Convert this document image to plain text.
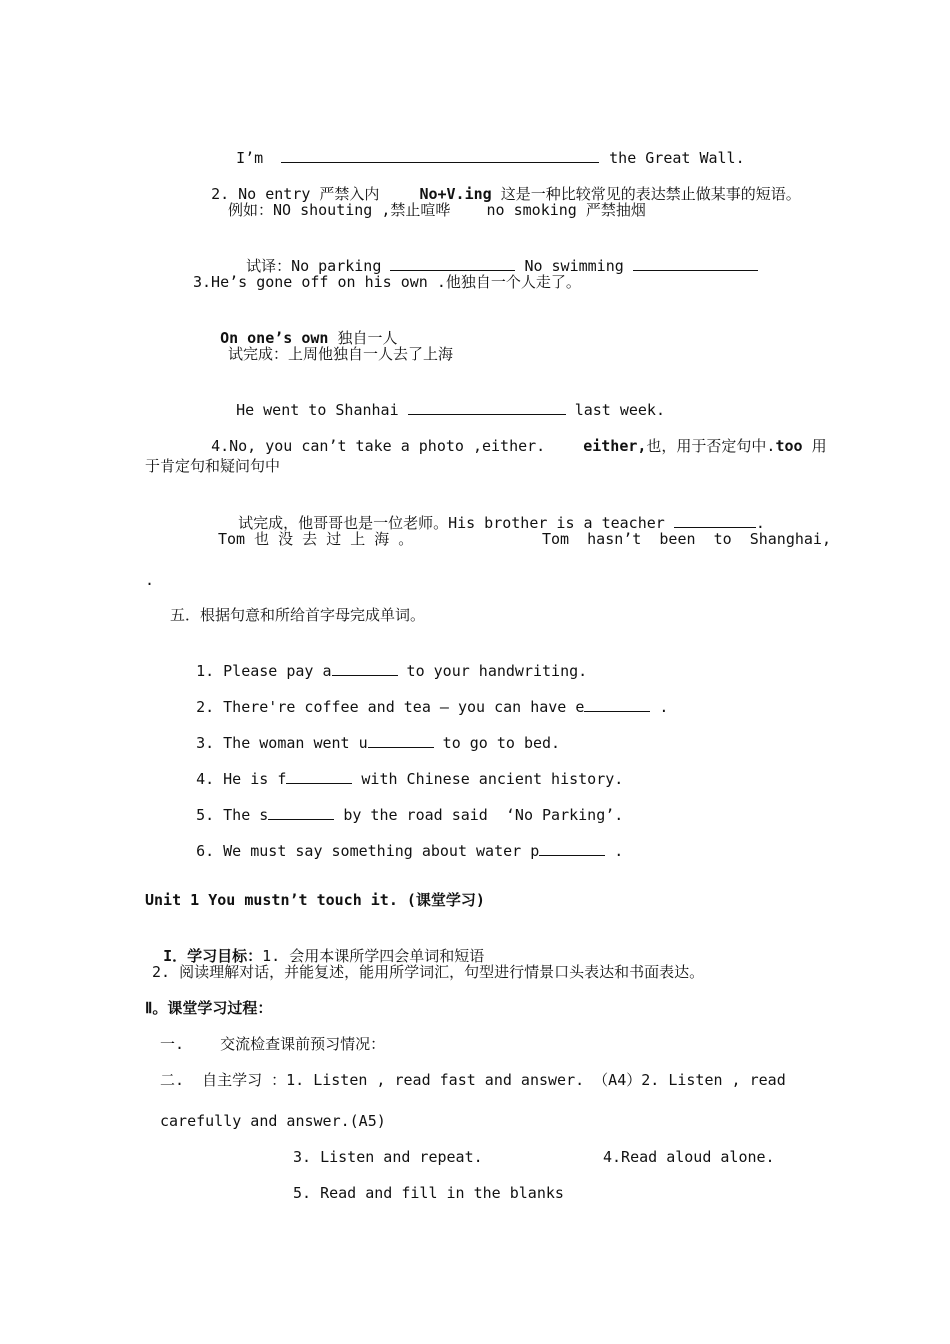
I’m	the Great Wall.

2. No entry 严禁入内	No+V.ing 这是一种比较常见的表达禁止做某事的短语。

例如：NO shouting ,禁止喧哗    no smoking 严禁抽烟

试译：No parking	No swimming

3.He’s gone off on his own .他独自一个人走了。

On one’s own 独自一人

试完成：上周他独自一人去了上海

He went to Shanhai	last week.

4.No, you can’t take a photo ,either.	either,也，用于否定句中.too 用

于肯定句和疑问句中

试完成，他哥哥也是一位老师。His brother is a teacher	.

Tom 也 没 去 过 上 海 。	Tom  hasn’t  been  to  Shanghai,
.
五．根据句意和所给首字母完成单词。

1. Please pay a	to your handwriting.

2. There're coffee and tea — you can have e	.

3. The woman went u	to go to bed.

4. He is f	with Chinese ancient history.

5. The s	by the road said  ‘No Parking’.

6. We must say something about water p	.

Unit 1 You mustn’t touch it. (课堂学习)

I．学习目标：1. 会用本课所学四会单词和短语

2. 阅读理解对话，并能复述，能用所学词汇，句型进行情景口头表达和书面表达。
Ⅱ。课堂学习过程：
一.    交流检查课前预习情况：
二.  自主学习 ：1. Listen , read fast and answer. （A4）2. Listen , read
carefully and answer.(A5)
3. Listen and repeat.	4.Read aloud alone.
5. Read and fill in the blanks
